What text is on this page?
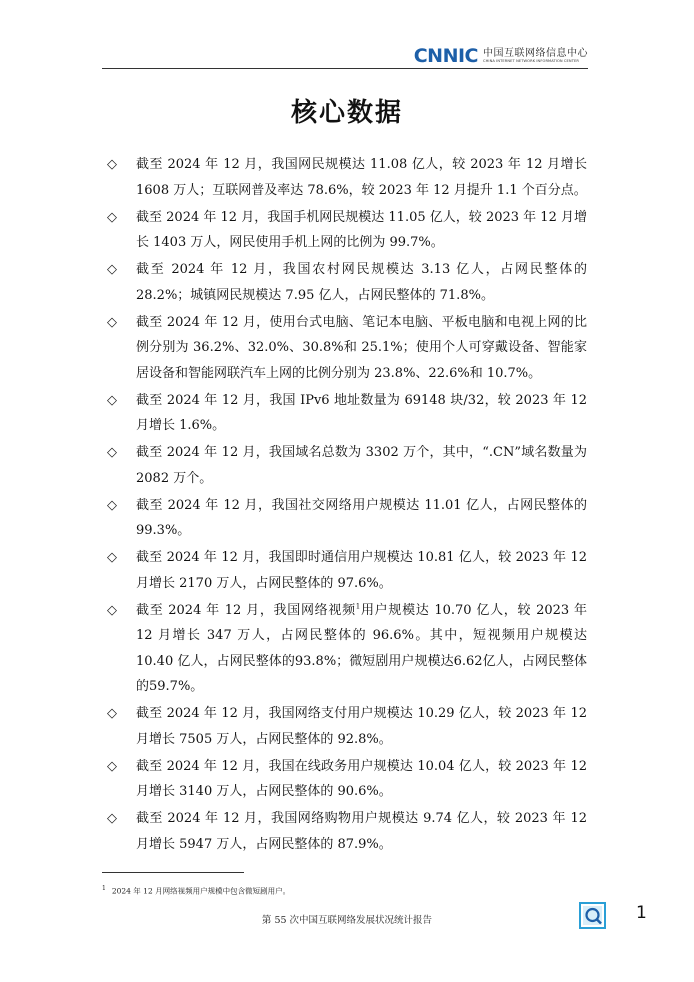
CNNIC 中国互联网络信息中心
CHINA INTERNET NETWORK INFORMATION CENTER
核心数据
◇ 截至 2024 年 12 月，我国网民规模达 11.08 亿人，较 2023 年 12 月增长 1608 万人；互联网普及率达 78.6%，较 2023 年 12 月提升 1.1 个百分点。
◇ 截至 2024 年 12 月，我国手机网民规模达 11.05 亿人，较 2023 年 12 月增长 1403 万人，网民使用手机上网的比例为 99.7%。
◇ 截至 2024 年 12 月，我国农村网民规模达 3.13 亿人，占网民整体的 28.2%；城镇网民规模达 7.95 亿人，占网民整体的 71.8%。
◇ 截至 2024 年 12 月，使用台式电脑、笔记本电脑、平板电脑和电视上网的比例分别为 36.2%、32.0%、30.8%和 25.1%；使用个人可穿戴设备、智能家居设备和智能网联汽车上网的比例分别为 23.8%、22.6%和 10.7%。
◇ 截至 2024 年 12 月，我国 IPv6 地址数量为 69148 块/32，较 2023 年 12 月增长 1.6%。
◇ 截至 2024 年 12 月，我国域名总数为 3302 万个，其中，“.CN”域名数量为 2082 万个。
◇ 截至 2024 年 12 月，我国社交网络用户规模达 11.01 亿人，占网民整体的 99.3%。
◇ 截至 2024 年 12 月，我国即时通信用户规模达 10.81 亿人，较 2023 年 12 月增长 2170 万人，占网民整体的 97.6%。
◇ 截至 2024 年 12 月，我国网络视频$^1$用户规模达 10.70 亿人，较 2023 年 12 月增长 347 万人，占网民整体的 96.6%。其中，短视频用户规模达 10.40 亿人，占网民整体的93.8%；微短剧用户规模达6.62亿人，占网民整体的59.7%。
◇ 截至 2024 年 12 月，我国网络支付用户规模达 10.29 亿人，较 2023 年 12 月增长 7505 万人，占网民整体的 92.8%。
◇ 截至 2024 年 12 月，我国在线政务用户规模达 10.04 亿人，较 2023 年 12 月增长 3140 万人，占网民整体的 90.6%。
◇ 截至 2024 年 12 月，我国网络购物用户规模达 9.74 亿人，较 2023 年 12 月增长 5947 万人，占网民整体的 87.9%。
$^1$ 2024 年 12 月网络视频用户规模中包含微短剧用户。
第 55 次中国互联网络发展状况统计报告	1
